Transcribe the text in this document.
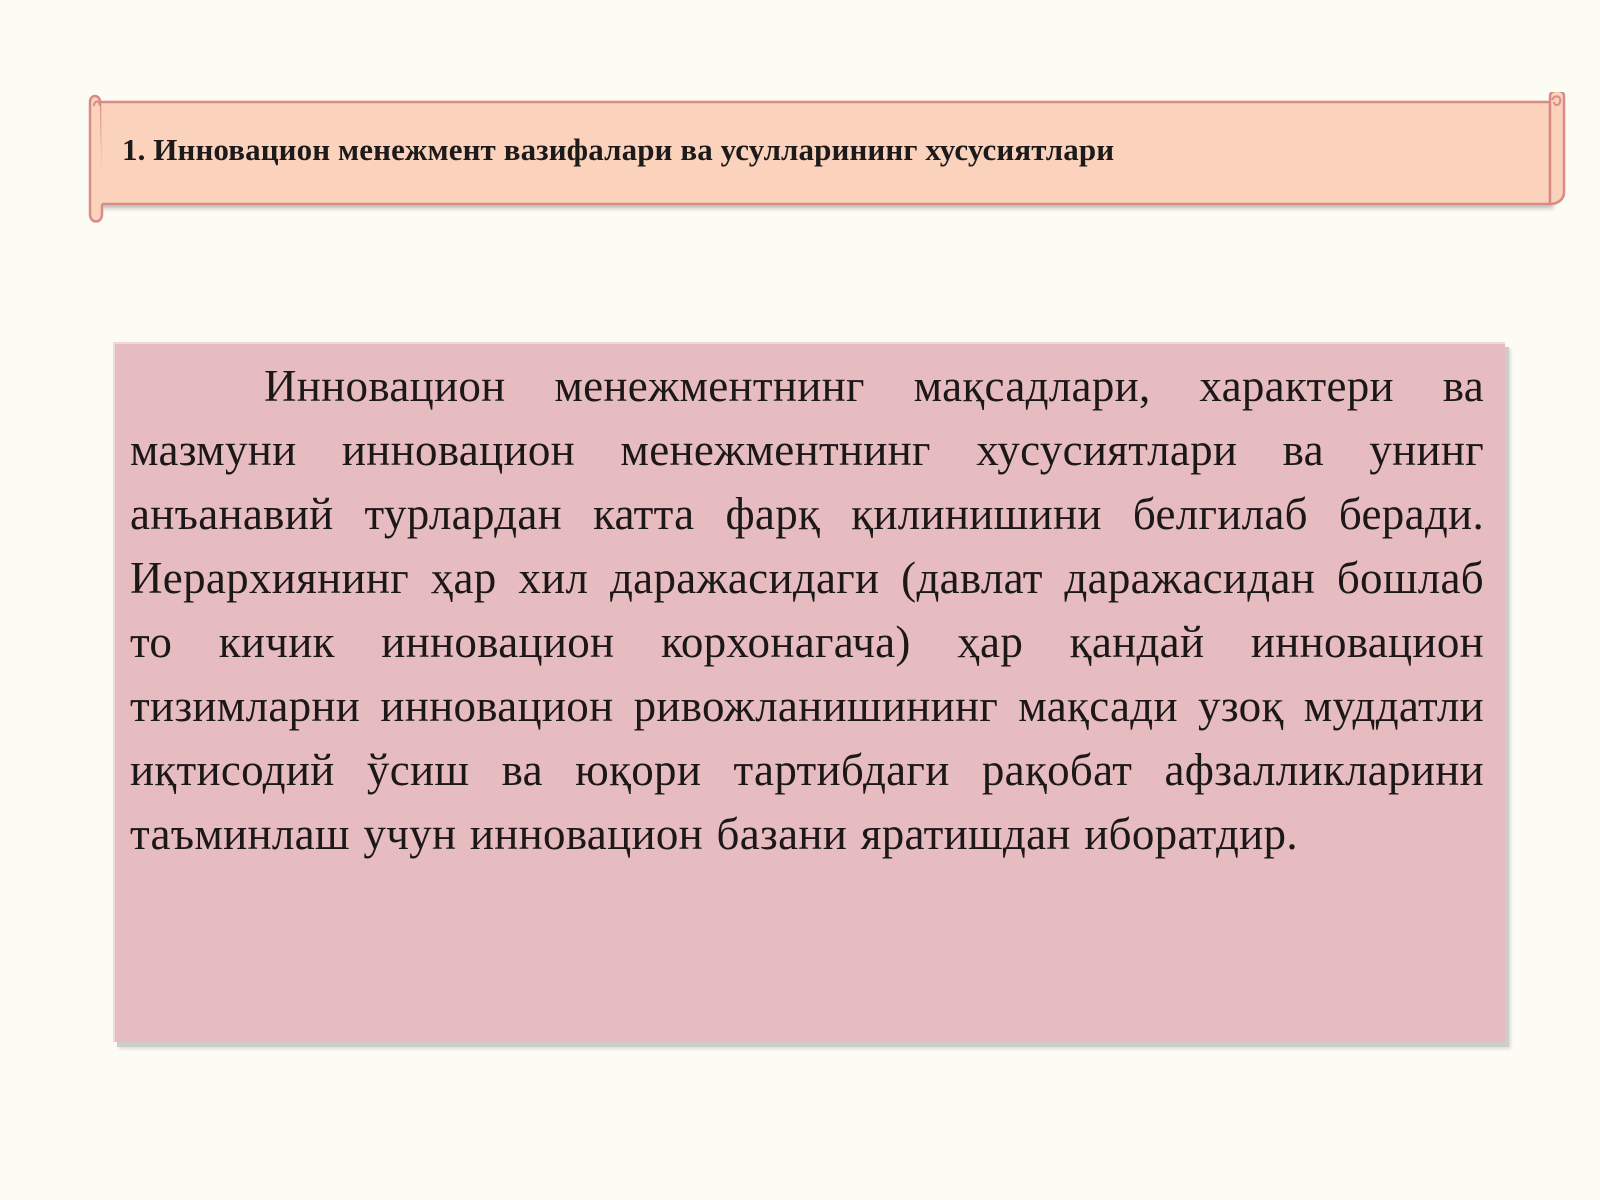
1. Инновацион менежмент вазифалари ва усулларининг хусусиятлари

Инновацион менежментнинг мақсадлари, характери ва мазмуни инновацион менежментнинг хусусиятлари ва унинг анъанавий турлардан катта фарқ қилинишини белгилаб беради. Иерархиянинг ҳар хил даражасидаги (давлат даражасидан бошлаб то кичик инновацион корхонагача) ҳар қандай инновацион тизимларни инновацион ривожланишининг мақсади узоқ муддатли иқтисодий ўсиш ва юқори тартибдаги рақобат афзалликларини таъминлаш учун инновацион базани яратишдан иборатдир.
